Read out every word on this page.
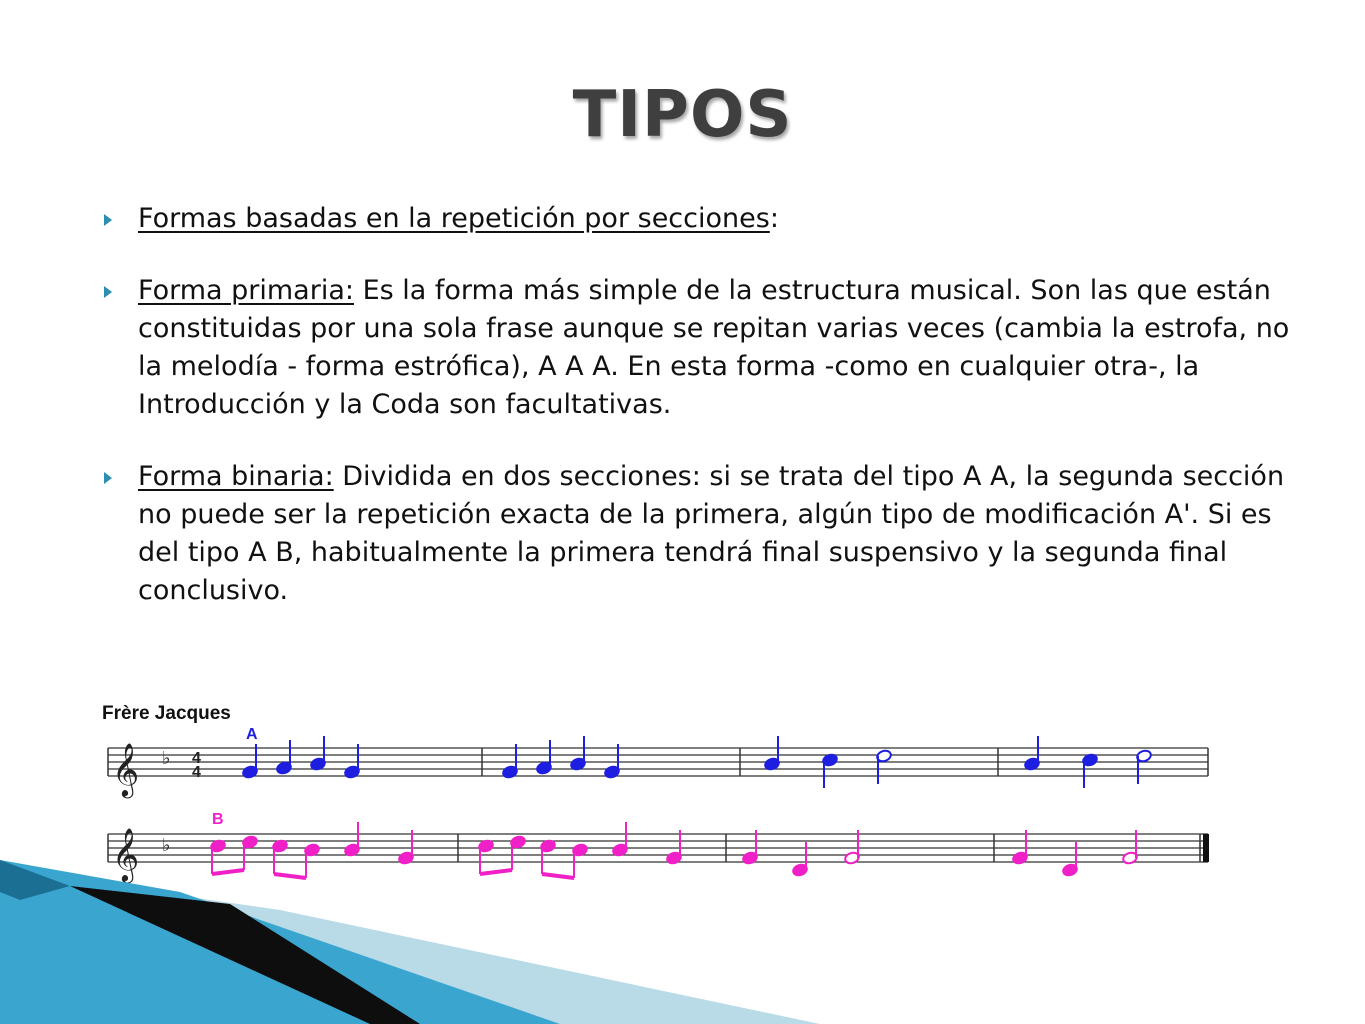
TIPOS
Formas basadas en la repetición por secciones:
Forma primaria: Es la forma más simple de la estructura musical. Son las que están constituidas por una sola frase aunque se repitan varias veces (cambia la estrofa, no la melodía - forma estrófica), A A A. En esta forma -como en cualquier otra-, la Introducción y la Coda son facultativas.
Forma binaria: Dividida en dos secciones: si se trata del tipo A A, la segunda sección no puede ser la repetición exacta de la primera, algún tipo de modificación A'. Si es del tipo A B, habitualmente la primera tendrá final suspensivo y la segunda final conclusivo.
Frère Jacques
A
B
𝄞
𝄞
♭
♭
4
4
